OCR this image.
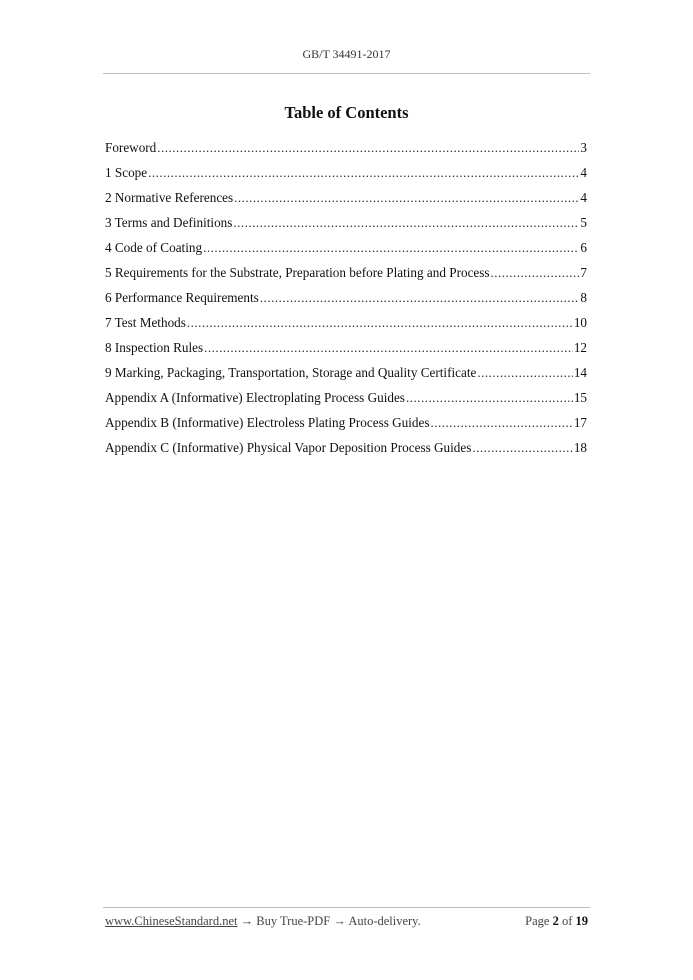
GB/T 34491-2017
Table of Contents
Foreword .....	3
1 Scope .....	4
2 Normative References .....	4
3 Terms and Definitions .....	5
4 Code of Coating .....	6
5 Requirements for the Substrate, Preparation before Plating and Process .....	7
6 Performance Requirements .....	8
7 Test Methods .....	10
8 Inspection Rules .....	12
9 Marking, Packaging, Transportation, Storage and Quality Certificate .....	14
Appendix A (Informative) Electroplating Process Guides .....	15
Appendix B (Informative) Electroless Plating Process Guides .....	17
Appendix C (Informative) Physical Vapor Deposition Process Guides .....	18
www.ChineseStandard.net → Buy True-PDF → Auto-delivery.	Page 2 of 19
